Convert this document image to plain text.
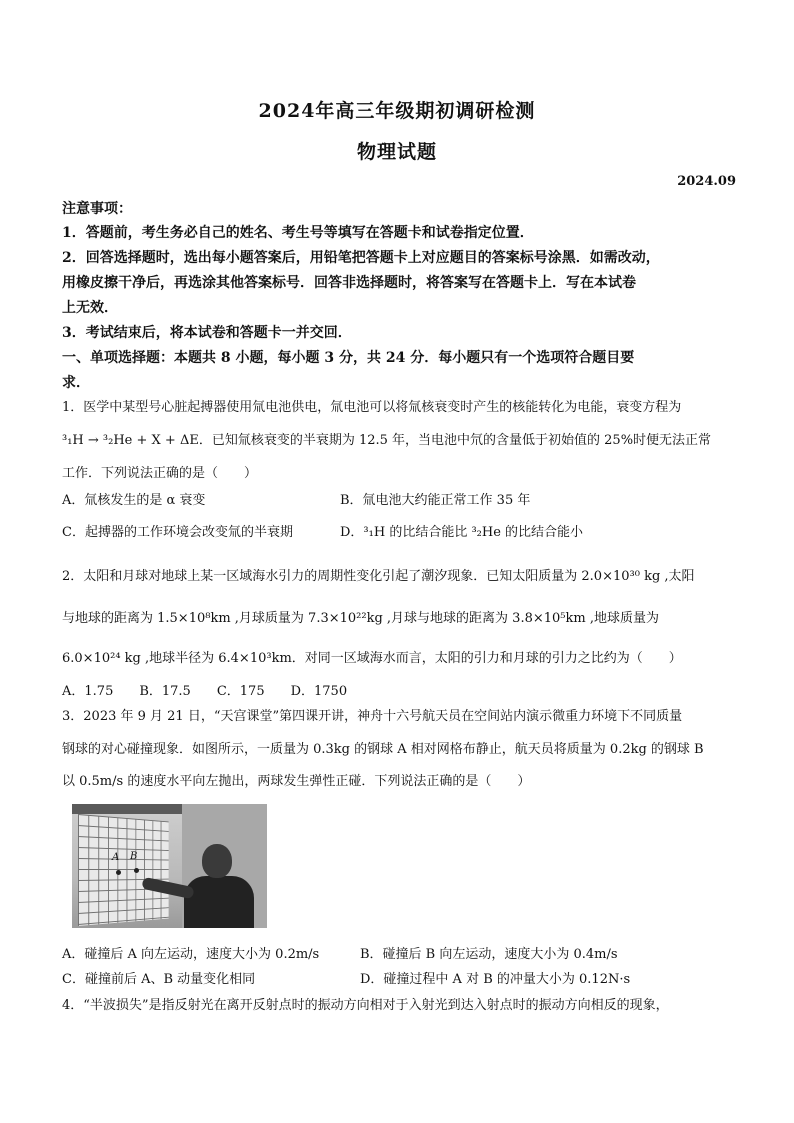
2024年高三年级期初调研检测
物理试题
2024.09
注意事项：
1．答题前，考生务必自己的姓名、考生号等填写在答题卡和试卷指定位置．
2．回答选择题时，选出每小题答案后，用铅笔把答题卡上对应题目的答案标号涂黑．如需改动，
用橡皮擦干净后，再选涂其他答案标号．回答非选择题时，将答案写在答题卡上．写在本试卷
上无效．
3．考试结束后，将本试卷和答题卡一并交回．
一、单项选择题：本题共 8 小题，每小题 3 分，共 24 分．每小题只有一个选项符合题目要
求．
1．医学中某型号心脏起搏器使用氚电池供电，氚电池可以将氚核衰变时产生的核能转化为电能，衰变方程为
³₁H → ³₂He + X + ΔE．已知氚核衰变的半衰期为 12.5 年，当电池中氘的含量低于初始值的 25%时便无法正常
工作．下列说法正确的是（　　）
A．氚核发生的是 α 衰变	B．氚电池大约能正常工作 35 年
C．起搏器的工作环境会改变氚的半衰期	D．³₁H 的比结合能比 ³₂He 的比结合能小
2．太阳和月球对地球上某一区域海水引力的周期性变化引起了潮汐现象．已知太阳质量为 2.0×10³⁰ kg ,太阳
与地球的距离为 1.5×10⁸km ,月球质量为 7.3×10²²kg ,月球与地球的距离为 3.8×10⁵km ,地球质量为
6.0×10²⁴ kg ,地球半径为 6.4×10³km．对同一区域海水而言，太阳的引力和月球的引力之比约为（　　）
A．1.75　　B．17.5　　C．175　　D．1750
3．2023 年 9 月 21 日，“天宫课堂”第四课开讲，神舟十六号航天员在空间站内演示微重力环境下不同质量
钢球的对心碰撞现象．如图所示，一质量为 0.3kg 的钢球 A 相对网格布静止，航天员将质量为 0.2kg 的钢球 B
以 0.5m/s 的速度水平向左抛出，两球发生弹性正碰．下列说法正确的是（　　）
A B
A．碰撞后 A 向左运动，速度大小为 0.2m/s	B．碰撞后 B 向左运动，速度大小为 0.4m/s
C．碰撞前后 A、B 动量变化相同	D．碰撞过程中 A 对 B 的冲量大小为 0.12N·s
4．“半波损失”是指反射光在离开反射点时的振动方向相对于入射光到达入射点时的振动方向相反的现象，
